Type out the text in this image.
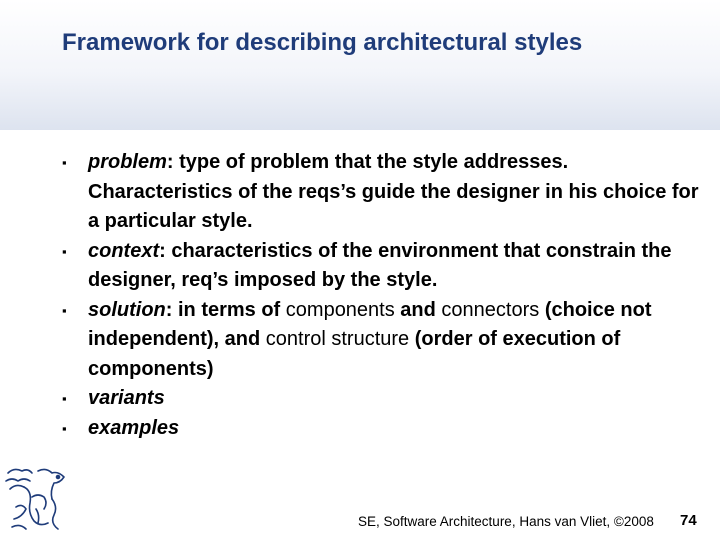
Framework for describing architectural styles
▪	problem: type of problem that the style addresses. Characteristics of the reqs’s guide the designer in his choice for a particular style.
▪	context: characteristics of the environment that constrain the designer, req’s imposed by the style.
▪	solution: in terms of components and connectors (choice not independent), and control structure (order of execution of components)
▪	variants
▪	examples
SE, Software Architecture, Hans van Vliet, ©2008 74
